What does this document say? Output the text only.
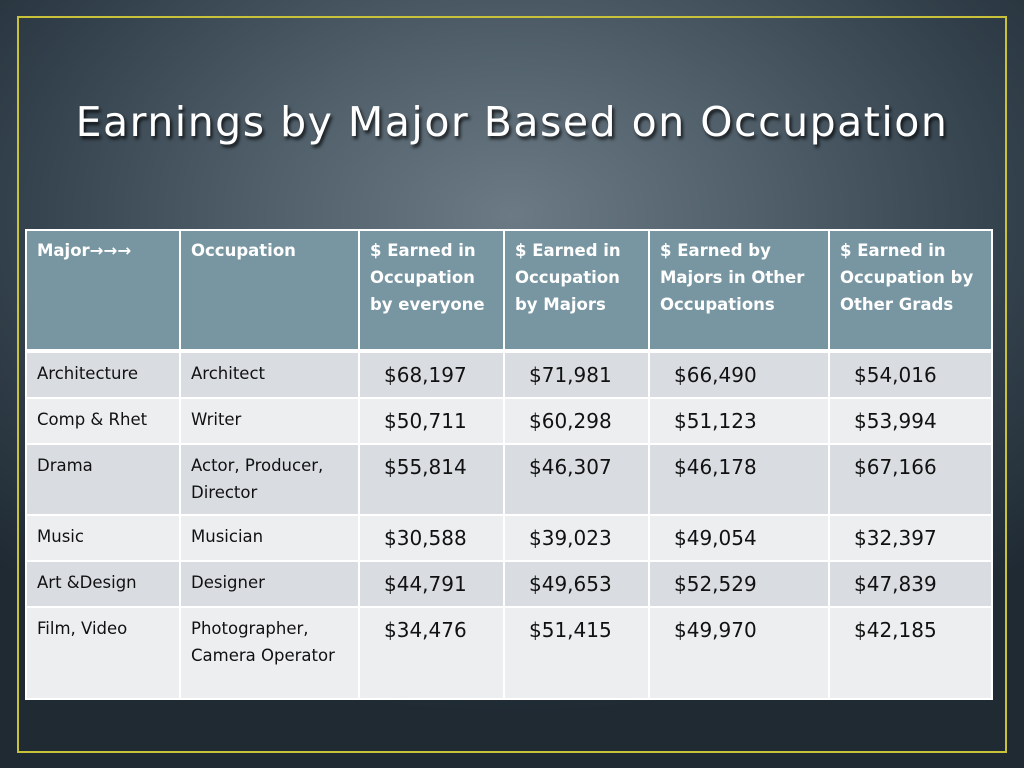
Earnings by Major Based on Occupation
Major→→→	Occupation	$ Earned in Occupation by everyone	$ Earned in Occupation by Majors	$ Earned by Majors in Other Occupations	$ Earned in Occupation by Other Grads
Architecture	Architect	$68,197	$71,981	$66,490	$54,016
Comp & Rhet	Writer	$50,711	$60,298	$51,123	$53,994
Drama	Actor, Producer, Director	$55,814	$46,307	$46,178	$67,166
Music	Musician	$30,588	$39,023	$49,054	$32,397
Art &Design	Designer	$44,791	$49,653	$52,529	$47,839
Film, Video	Photographer, Camera Operator	$34,476	$51,415	$49,970	$42,185
